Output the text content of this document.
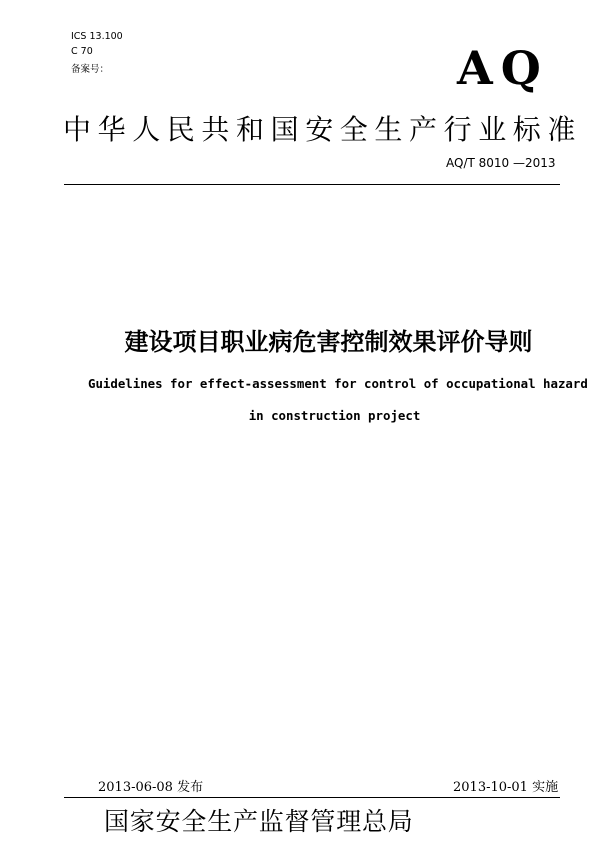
ICS 13.100
C 70
备案号：	AQ
中华人民共和国安全生产行业标准
AQ/T 8010 —2013
建设项目职业病危害控制效果评价导则
Guidelines for effect-assessment for control of occupational hazard
in construction project
2013-06-08 发布	2013-10-01 实施
国家安全生产监督管理总局
